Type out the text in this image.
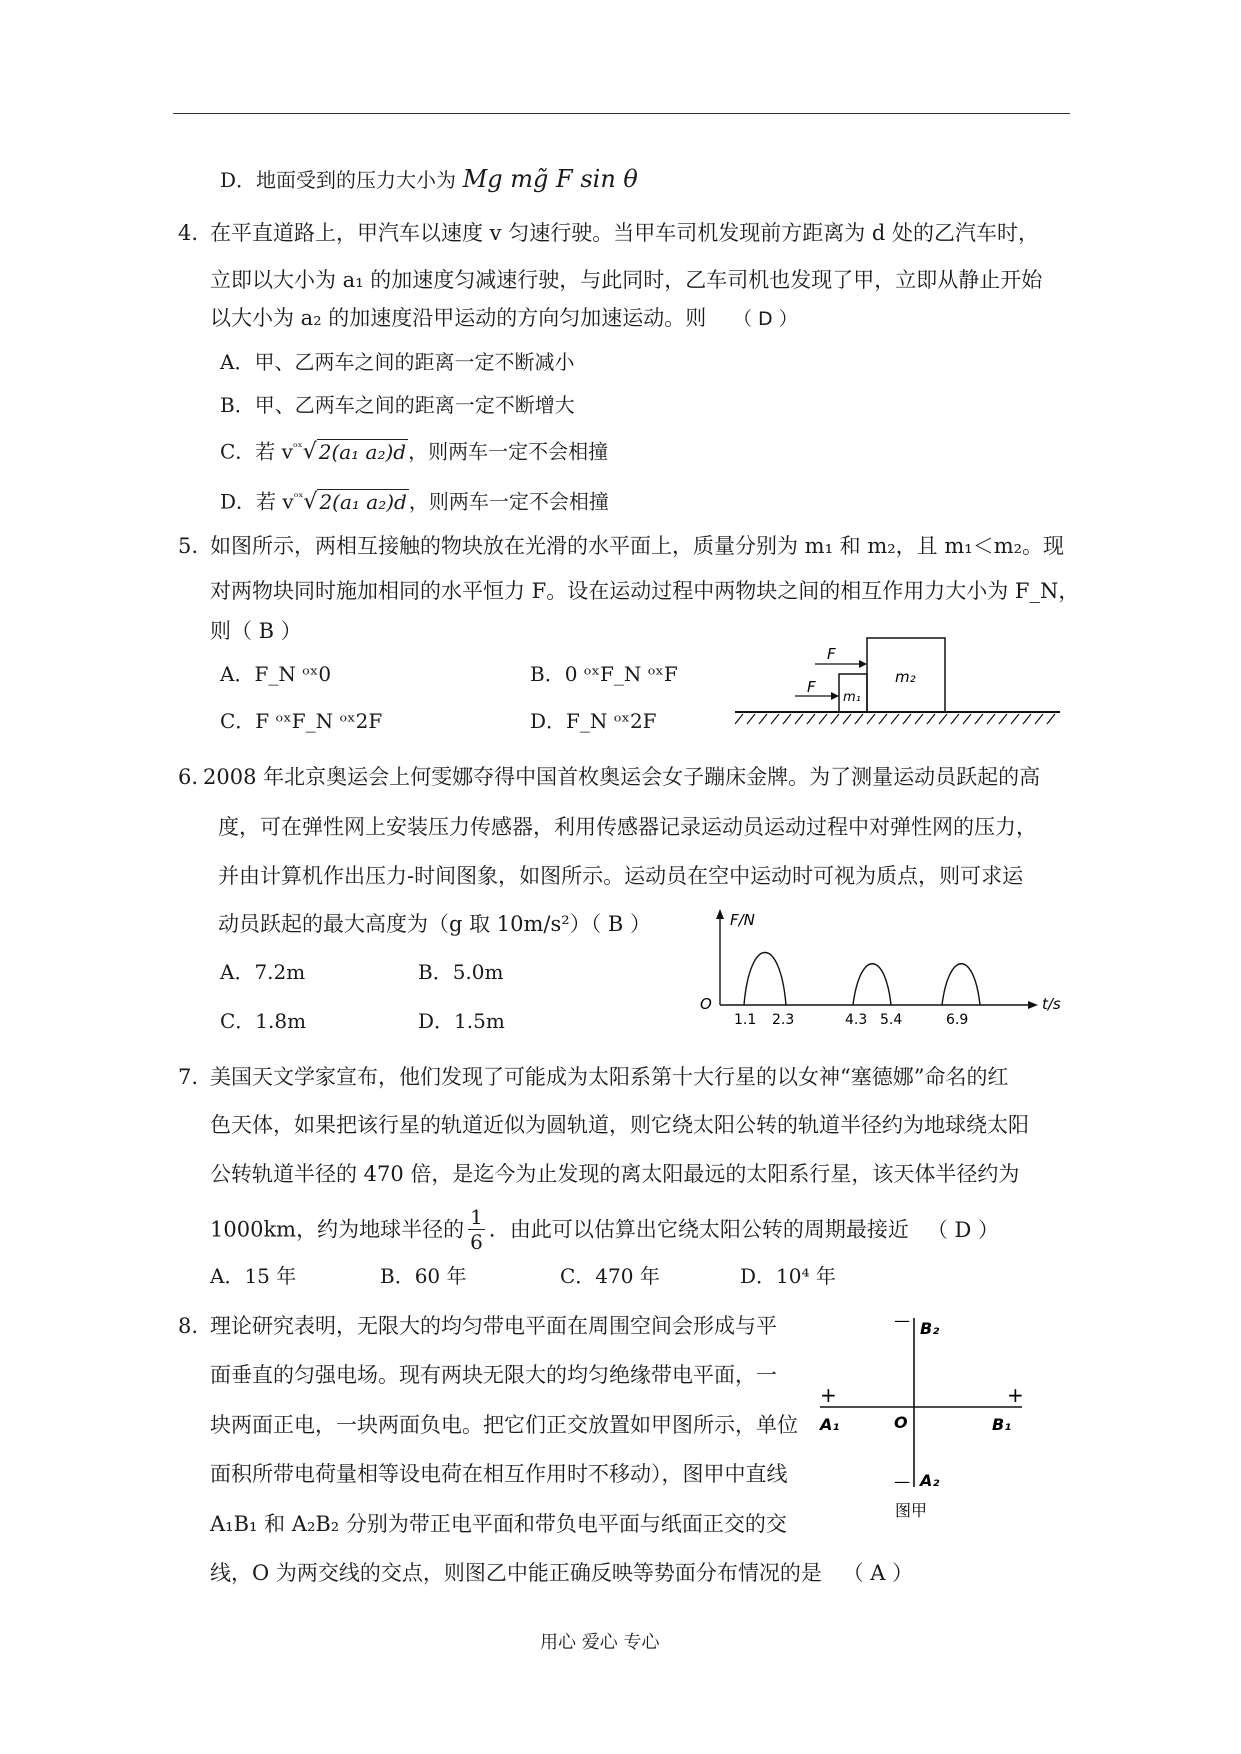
D．地面受到的压力大小为 Mg mg̃ F sin θ
4. 在平直道路上，甲汽车以速度 v 匀速行驶。当甲车司机发现前方距离为 d 处的乙汽车时，
立即以大小为 a₁ 的加速度匀减速行驶，与此同时，乙车司机也发现了甲，立即从静止开始
以大小为 a₂ 的加速度沿甲运动的方向匀加速运动。则 （ D ）
A．甲、乙两车之间的距离一定不断减小
B．甲、乙两车之间的距离一定不断增大
C．若 $v^{ᵒˣ}√$ 2(a₁ a₂)d ，则两车一定不会相撞
D．若 $v^{ᵒˣ}√$ 2(a₁ a₂)d ，则两车一定不会相撞
5. 如图所示，两相互接触的物块放在光滑的水平面上，质量分别为 m₁ 和 m₂，且 m₁＜m₂。现
对两物块同时施加相同的水平恒力 F。设在运动过程中两物块之间的相互作用力大小为 F_N，
则（ B ）
A．F_N ᵒˣ0	B．0 ᵒˣF_N ᵒˣF
C．F ᵒˣF_N ᵒˣ2F	D．F_N ᵒˣ2F
F
F
m₂
m₁
6. 2008 年北京奥运会上何雯娜夺得中国首枚奥运会女子蹦床金牌。为了测量运动员跃起的高
度，可在弹性网上安装压力传感器，利用传感器记录运动员运动过程中对弹性网的压力，
并由计算机作出压力-时间图象，如图所示。运动员在空中运动时可视为质点，则可求运
动员跃起的最大高度为（g 取 10m/s²）（ B ）
A．7.2m	B．5.0m
C．1.8m	D．1.5m
F/N
t/s
O
1.1 2.3	4.3 5.4	6.9
7. 美国天文学家宣布，他们发现了可能成为太阳系第十大行星的以女神“塞德娜”命名的红
色天体，如果把该行星的轨道近似为圆轨道，则它绕太阳公转的轨道半径约为地球绕太阳
公转轨道半径的 470 倍，是迄今为止发现的离太阳最远的太阳系行星，该天体半径约为
1000km，约为地球半径的 $\frac{1}{6}$ ．由此可以估算出它绕太阳公转的周期最接近 （ D ）
A．15 年	B．60 年	C．470 年	D．10⁴ 年
8. 理论研究表明，无限大的均匀带电平面在周围空间会形成与平
面垂直的匀强电场。现有两块无限大的均匀绝缘带电平面，一
块两面正电，一块两面负电。把它们正交放置如甲图所示，单位
面积所带电荷量相等设电荷在相互作用时不移动），图甲中直线
A₁B₁ 和 A₂B₂ 分别为带正电平面和带负电平面与纸面正交的交
线，O 为两交线的交点，则图乙中能正确反映等势面分布情况的是 （ A ）
— B₂
+	+
A₁	O	B₁
— A₂
图甲
用心 爱心 专心
